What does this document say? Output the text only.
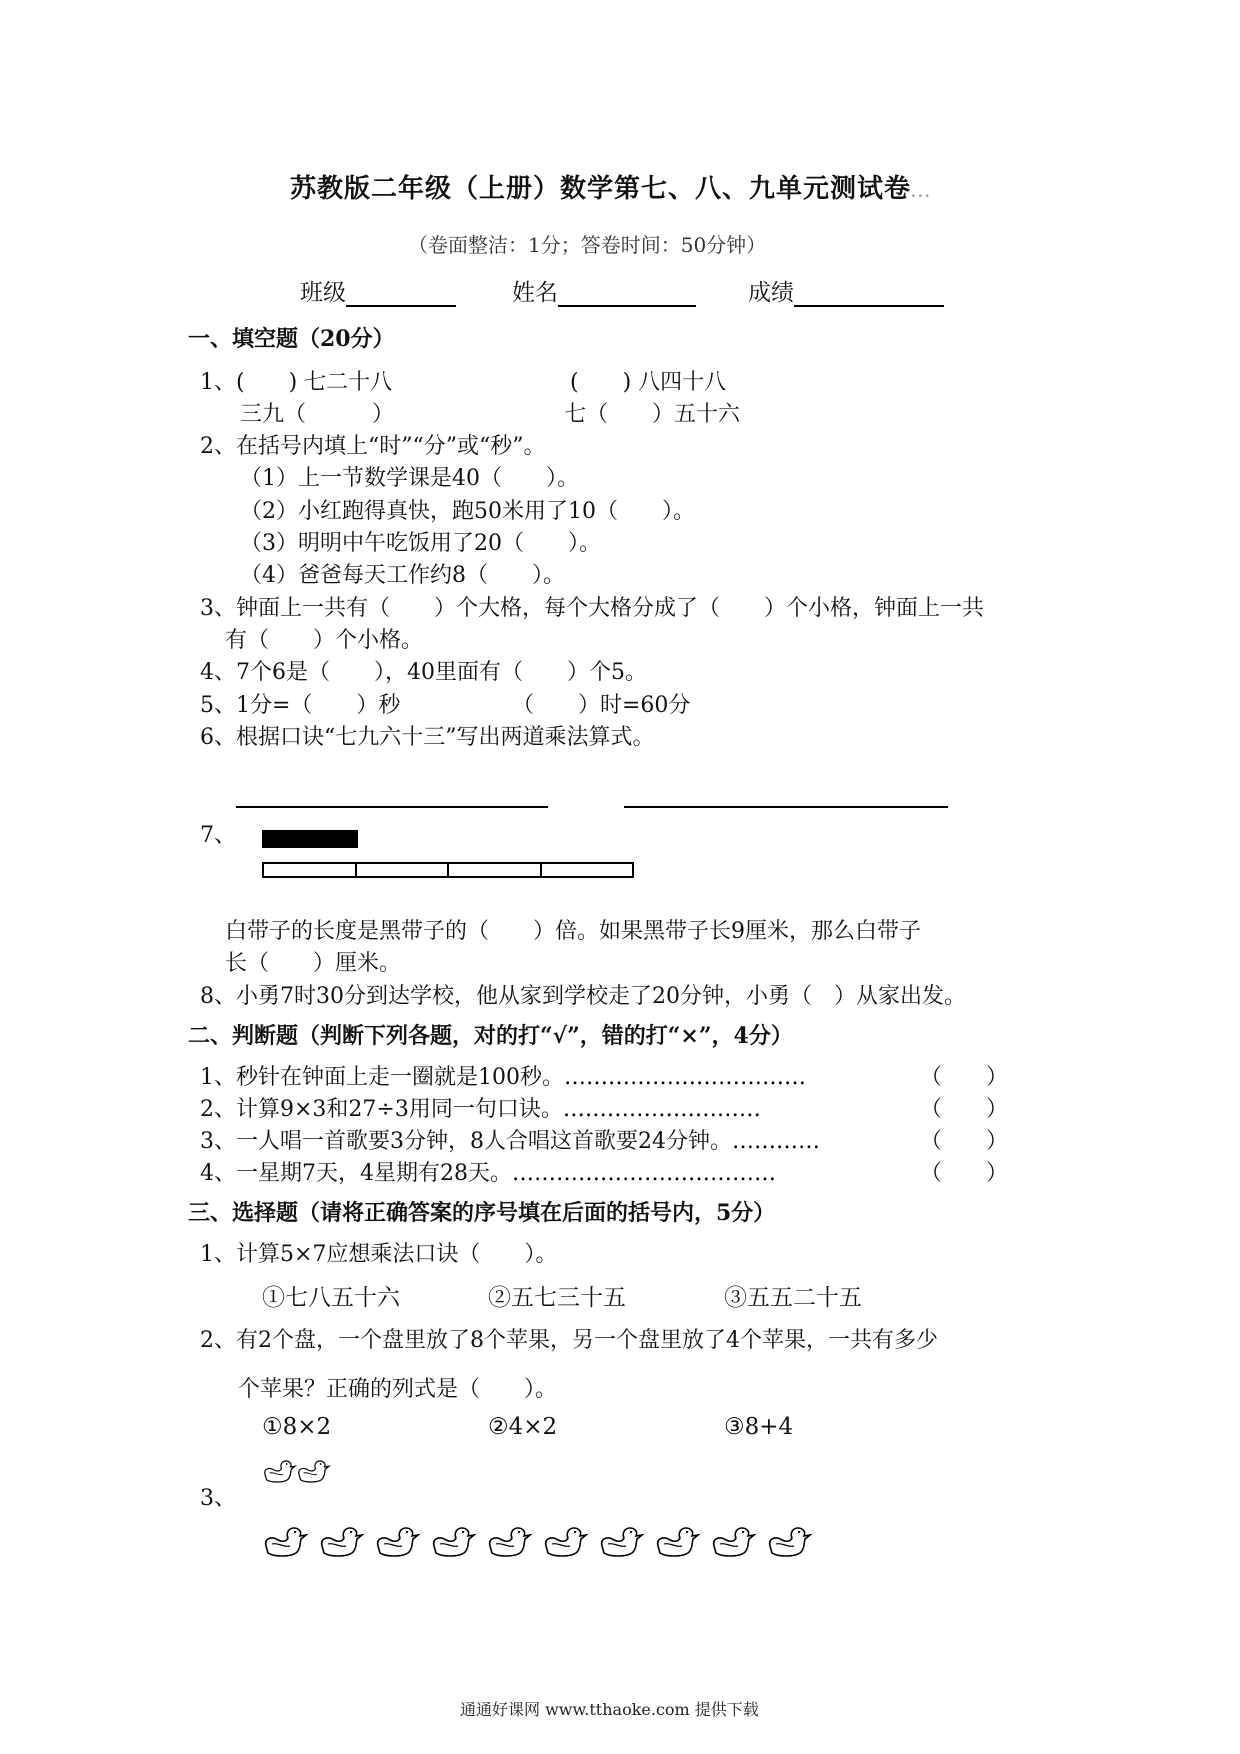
苏教版二年级（上册）数学第七、八、九单元测试卷...
（卷面整洁：1分；答卷时间：50分钟）
班级	姓名	成绩
一、填空题（20分）
1、(　　) 七二十八	(　　) 八四十八
三九（　　　）	七（　　）五十六
2、在括号内填上“时”“分”或“秒”。
（1）上一节数学课是40（　　）。
（2）小红跑得真快，跑50米用了10（　　）。
（3）明明中午吃饭用了20（　　）。
（4）爸爸每天工作约8（　　）。
3、钟面上一共有（　　）个大格，每个大格分成了（　　）个小格，钟面上一共
有（　　）个小格。
4、7个6是（　　），40里面有（　　）个5。
5、1分=（　　）秒	（　　）时=60分
6、根据口诀“七九六十三”写出两道乘法算式。
7、
白带子的长度是黑带子的（　　）倍。如果黑带子长9厘米，那么白带子
长（　　）厘米。
8、小勇7时30分到达学校，他从家到学校走了20分钟，小勇（　）从家出发。
二、判断题（判断下列各题，对的打“√”，错的打“×”，4分）
1、秒针在钟面上走一圈就是100秒。……………………………	（　　）
2、计算9×3和27÷3用同一句口诀。………………………	（　　）
3、一人唱一首歌要3分钟，8人合唱这首歌要24分钟。…………	（　　）
4、一星期7天，4星期有28天。………………………………	（　　）
三、选择题（请将正确答案的序号填在后面的括号内，5分）
1、计算5×7应想乘法口诀（　　）。
①七八五十六	②五七三十五	③五五二十五
2、有2个盘，一个盘里放了8个苹果，另一个盘里放了4个苹果，一共有多少
个苹果？正确的列式是（　　）。
①8×2	②4×2	③8+4
3、
通通好课网 www.tthaoke.com 提供下载
